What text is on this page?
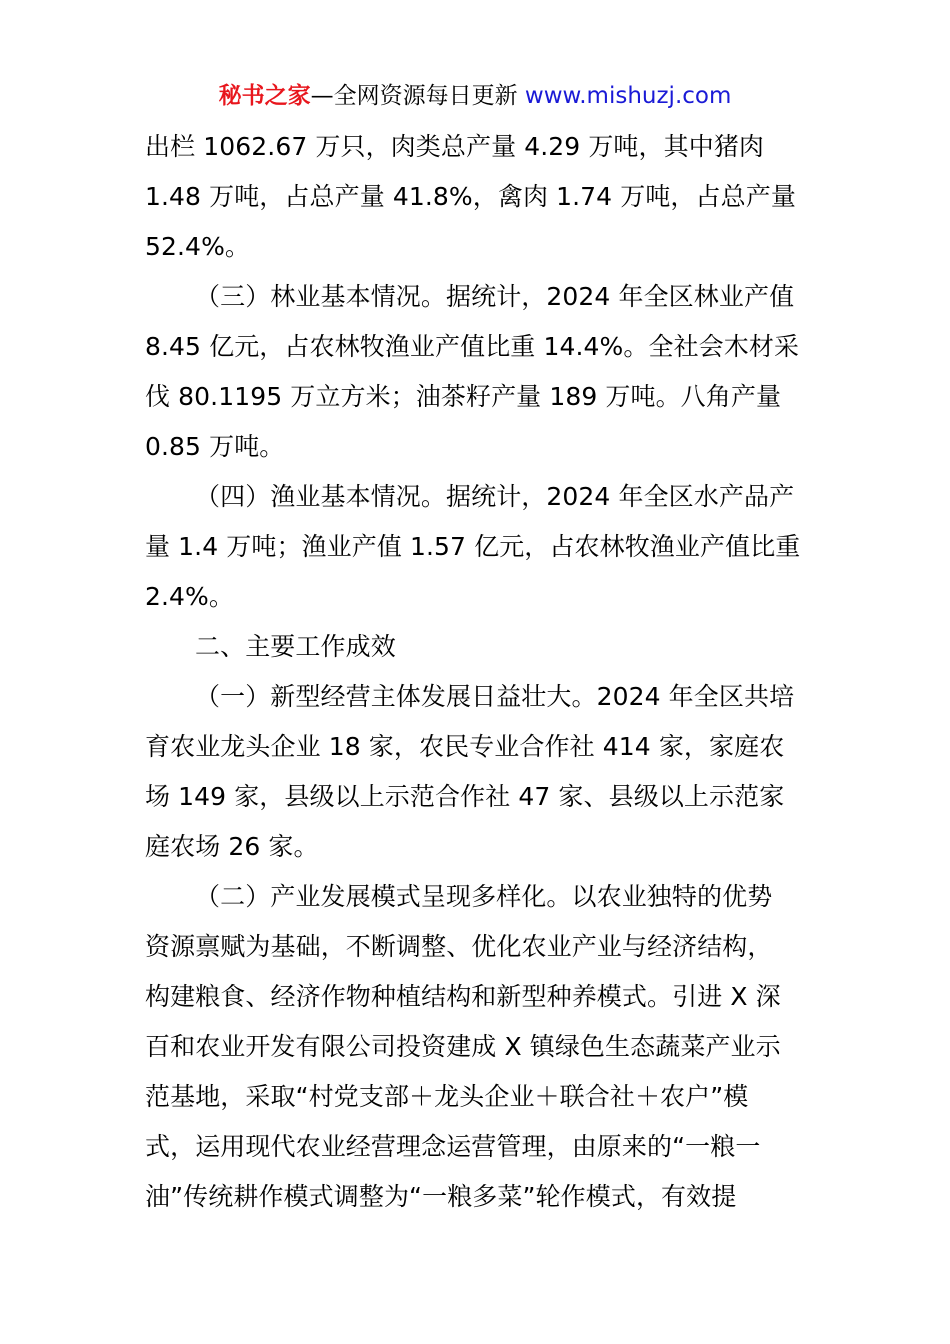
秘书之家—全网资源每日更新 www.mishuzj.com

出栏 1062.67 万只，肉类总产量 4.29 万吨，其中猪肉
1.48 万吨，占总产量 41.8%，禽肉 1.74 万吨，占总产量
52.4%。

（三）林业基本情况。据统计，2024 年全区林业产值
8.45 亿元，占农林牧渔业产值比重 14.4%。全社会木材采
伐 80.1195 万立方米；油茶籽产量 189 万吨。八角产量
0.85 万吨。

（四）渔业基本情况。据统计，2024 年全区水产品产
量 1.4 万吨；渔业产值 1.57 亿元，占农林牧渔业产值比重
2.4%。

二、主要工作成效

（一）新型经营主体发展日益壮大。2024 年全区共培
育农业龙头企业 18 家，农民专业合作社 414 家，家庭农
场 149 家，县级以上示范合作社 47 家、县级以上示范家
庭农场 26 家。

（二）产业发展模式呈现多样化。以农业独特的优势
资源禀赋为基础，不断调整、优化农业产业与经济结构，
构建粮食、经济作物种植结构和新型种养模式。引进 X 深
百和农业开发有限公司投资建成 X 镇绿色生态蔬菜产业示
范基地，采取“村党支部＋龙头企业＋联合社＋农户”模
式，运用现代农业经营理念运营管理，由原来的“一粮一
油”传统耕作模式调整为“一粮多菜”轮作模式，有效提
